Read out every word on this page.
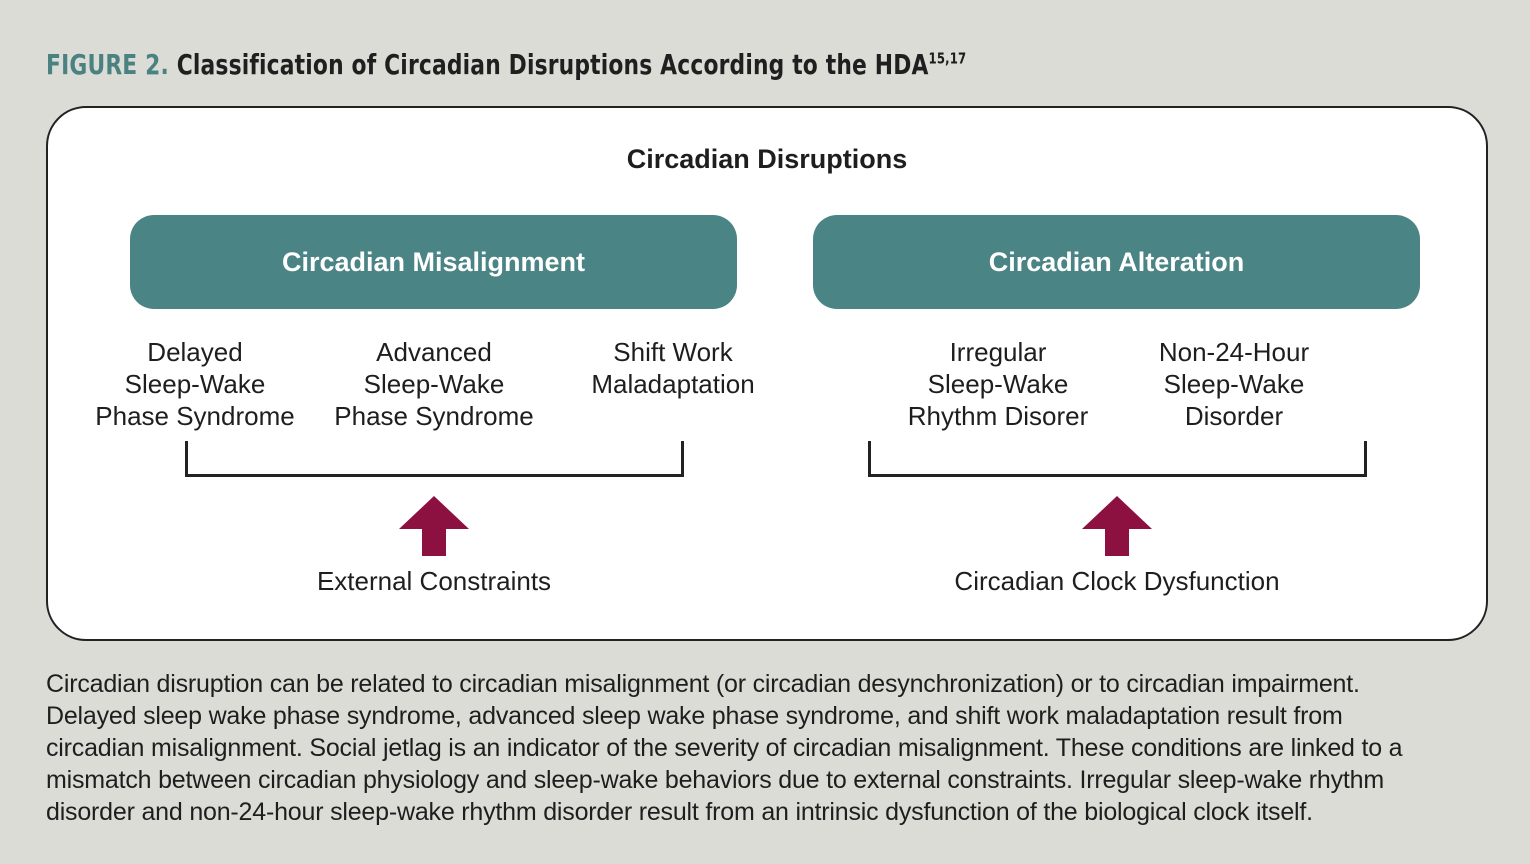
FIGURE 2. Classification of Circadian Disruptions According to the HDA$^{15,17}$
Circadian Disruptions
Circadian Misalignment
Delayed
Sleep-Wake
Phase Syndrome
Advanced
Sleep-Wake
Phase Syndrome
Shift Work
Maladaptation
External Constraints
Circadian Alteration
Irregular
Sleep-Wake
Rhythm Disorer
Non-24-Hour
Sleep-Wake
Disorder
Circadian Clock Dysfunction
Circadian disruption can be related to circadian misalignment (or circadian desynchronization) or to circadian impairment.
Delayed sleep wake phase syndrome, advanced sleep wake phase syndrome, and shift work maladaptation result from
circadian misalignment. Social jetlag is an indicator of the severity of circadian misalignment. These conditions are linked to a
mismatch between circadian physiology and sleep-wake behaviors due to external constraints. Irregular sleep-wake rhythm
disorder and non-24-hour sleep-wake rhythm disorder result from an intrinsic dysfunction of the biological clock itself.
